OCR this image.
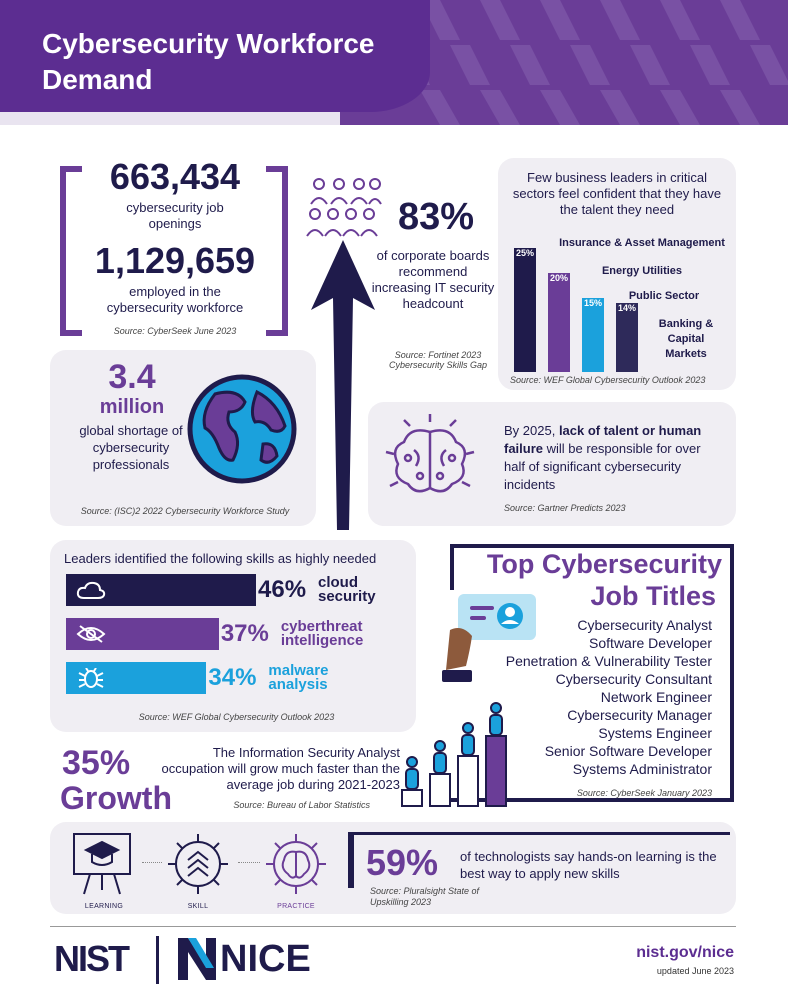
Cybersecurity Workforce Demand
663,434
cybersecurity job openings
1,129,659
employed in the cybersecurity workforce
Source: CyberSeek June 2023
83%
of corporate boards recommend increasing IT security headcount
Source: Fortinet 2023 Cybersecurity Skills Gap
Few business leaders in critical sectors feel confident that they have the talent they need
25%
Insurance & Asset Management
20%
Energy Utilities
15%
Public Sector
14%
Banking & Capital Markets
Source: WEF Global Cybersecurity Outlook 2023
3.4
million
global shortage of cybersecurity professionals
Source: (ISC)2 2022 Cybersecurity Workforce Study
By 2025, lack of talent or human failure will be responsible for over half of significant cybersecurity incidents
Source: Gartner Predicts 2023
Leaders identified the following skills as highly needed
46% cloud
security
37% cyberthreat
intelligence
34% malware
analysis
Source: WEF Global Cybersecurity Outlook 2023
Top Cybersecurity
Job Titles
Cybersecurity Analyst
Software Developer
Penetration & Vulnerability Tester
Cybersecurity Consultant
Network Engineer
Cybersecurity Manager
Systems Engineer
Senior Software Developer
Systems Administrator
Source: CyberSeek January 2023
35%
Growth
The Information Security Analyst occupation will grow much faster than the average job during 2021-2023
Source: Bureau of Labor Statistics
LEARNING	SKILL	PRACTICE
59% of technologists say hands-on learning is the best way to apply new skills
Source: Pluralsight State of Upskilling 2023
NIST NICE	nist.gov/nice
updated June 2023
